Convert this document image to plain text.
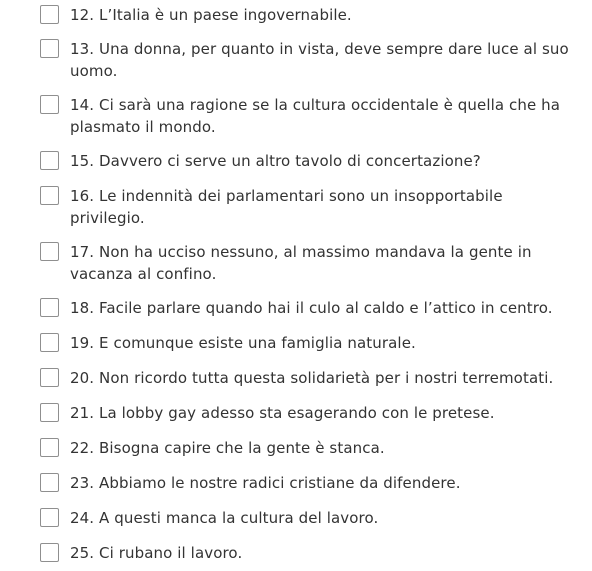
12. L’Italia è un paese ingovernabile.
13. Una donna, per quanto in vista, deve sempre dare luce al suo uomo.
14. Ci sarà una ragione se la cultura occidentale è quella che ha plasmato il mondo.
15. Davvero ci serve un altro tavolo di concertazione?
16. Le indennità dei parlamentari sono un insopportabile privilegio.
17. Non ha ucciso nessuno, al massimo mandava la gente in vacanza al confino.
18. Facile parlare quando hai il culo al caldo e l’attico in centro.
19. E comunque esiste una famiglia naturale.
20. Non ricordo tutta questa solidarietà per i nostri terremotati.
21. La lobby gay adesso sta esagerando con le pretese.
22. Bisogna capire che la gente è stanca.
23. Abbiamo le nostre radici cristiane da difendere.
24. A questi manca la cultura del lavoro.
25. Ci rubano il lavoro.
